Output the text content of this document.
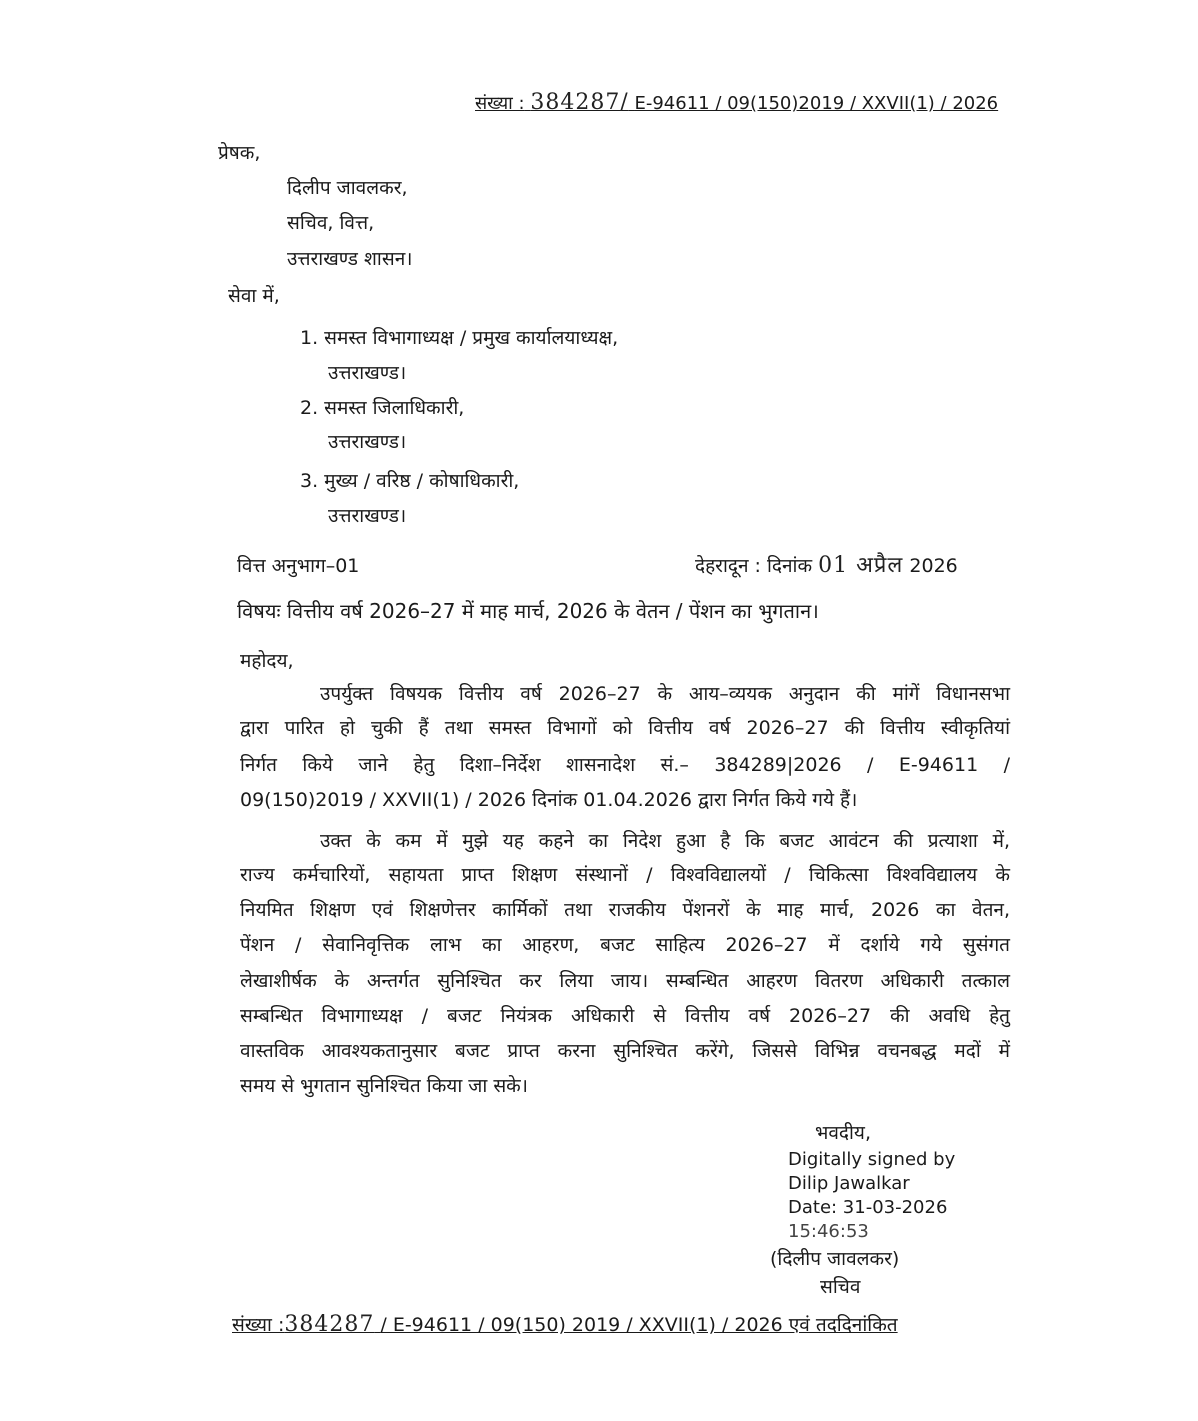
संख्या : 384287/ E-94611 / 09(150)2019 / XXVII(1) / 2026
प्रेषक,
दिलीप जावलकर,
सचिव, वित्त,
उत्तराखण्ड शासन।
सेवा में,
1. समस्त विभागाध्यक्ष / प्रमुख कार्यालयाध्यक्ष,
उत्तराखण्ड।
2. समस्त जिलाधिकारी,
उत्तराखण्ड।
3. मुख्य / वरिष्ठ / कोषाधिकारी,
उत्तराखण्ड।
वित्त अनुभाग–01	देहरादून : दिनांक 01 अप्रैल 2026
विषयः वित्तीय वर्ष 2026–27 में माह मार्च, 2026 के वेतन / पेंशन का भुगतान।
महोदय,
उपर्युक्त विषयक वित्तीय वर्ष 2026–27 के आय–व्ययक अनुदान की मांगें विधानसभा
द्वारा पारित हो चुकी हैं तथा समस्त विभागों को वित्तीय वर्ष 2026–27 की वित्तीय स्वीकृतियां
निर्गत किये जाने हेतु दिशा–निर्देश शासनादेश सं.– 384289|2026 / E-94611 /
09(150)2019 / XXVII(1) / 2026 दिनांक 01.04.2026 द्वारा निर्गत किये गये हैं।
उक्त के कम में मुझे यह कहने का निदेश हुआ है कि बजट आवंटन की प्रत्याशा में,
राज्य कर्मचारियों, सहायता प्राप्त शिक्षण संस्थानों / विश्वविद्यालयों / चिकित्सा विश्वविद्यालय के
नियमित शिक्षण एवं शिक्षणेत्तर कार्मिकों तथा राजकीय पेंशनरों के माह मार्च, 2026 का वेतन,
पेंशन / सेवानिवृत्तिक लाभ का आहरण, बजट साहित्य 2026–27 में दर्शाये गये सुसंगत
लेखाशीर्षक के अन्तर्गत सुनिश्चित कर लिया जाय। सम्बन्धित आहरण वितरण अधिकारी तत्काल
सम्बन्धित विभागाध्यक्ष / बजट नियंत्रक अधिकारी से वित्तीय वर्ष 2026–27 की अवधि हेतु
वास्तविक आवश्यकतानुसार बजट प्राप्त करना सुनिश्चित करेंगे, जिससे विभिन्न वचनबद्ध मदों में
समय से भुगतान सुनिश्चित किया जा सके।
भवदीय,
Digitally signed by
Dilip Jawalkar
Date: 31-03-2026
15:46:53
(दिलीप जावलकर)
सचिव
संख्या :384287 / E-94611 / 09(150) 2019 / XXVII(1) / 2026 एवं तददिनांकित
